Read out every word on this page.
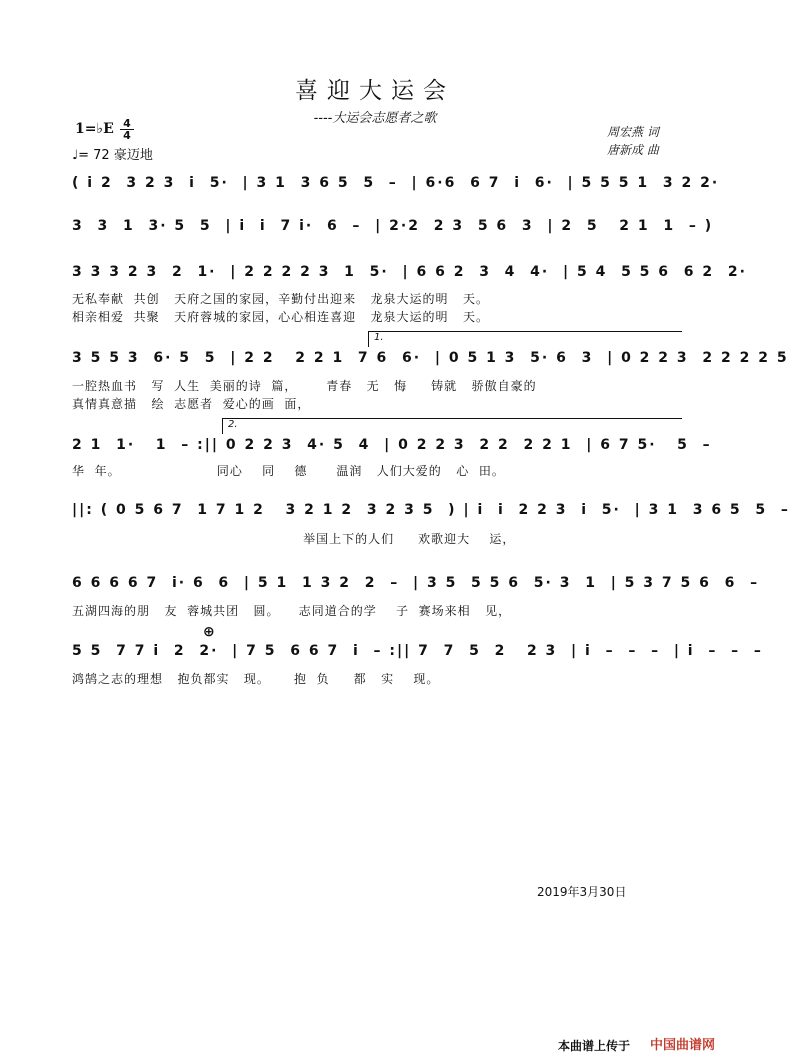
喜迎大运会
----大运会志愿者之歌
1=♭E 4
4
♩= 72 豪迈地
周宏燕 词
唐新成 曲
( i 2  3 2 3  i  5·  | 3 1  3 6 5  5  –  | 6·6  6 7  i  6·  | 5 5 5 1  3 2 2·
3  3  1  3· 5  5  | i  i  7 i·  6  –  | 2·2  2 3  5 6  3  | 2  5   2 1  1  – )
3 3 3 2 3  2  1·  | 2 2 2 2 3  1  5·  | 6 6 2  3  4  4·  | 5 4  5 5 6  6 2  2·
无私奉献  共创   天府之国的家园，辛勤付出迎来   龙泉大运的明   天。
相亲相爱  共聚   天府蓉城的家园，心心相连喜迎   龙泉大运的明   天。
1.
3 5 5 3  6· 5  5  | 2 2   2 2 1  7 6  6·  | 0 5 1 3  5· 6  3  | 0 2 2 3  2 2 2 2 5
一腔热血书   写  人生  美丽的诗  篇，      青春   无   悔     铸就   骄傲自豪的
真情真意描   绘  志愿者  爱心的画  面，
2.
2 1  1·   1  – :|| 0 2 2 3  4· 5  4  | 0 2 2 3  2 2  2 2 1  | 6 7 5·   5  –
华  年。                    同心    同    德      温润   人们大爱的   心  田。
||: ( 0 5 6 7  1 7 1 2   3 2 1 2  3 2 3 5  ) | i  i  2 2 3  i  5·  | 3 1  3 6 5  5  –
举国上下的人们     欢歌迎大    运，
6 6 6 6 7  i· 6  6  | 5 1  1 3 2  2  –  | 3 5  5 5 6  5· 3  1  | 5 3 7 5 6  6  –
五湖四海的朋   友  蓉城共团   圆。    志同道合的学    子  赛场来相   见，
⊕
5 5  7 7 i  2  2·  | 7 5  6 6 7  i  – :|| 7  7  5  2   2 3  | i  –  –  –  | i  –  –  –
鸿鹄之志的理想   抱负都实   现。     抱  负     都   实    现。
2019年3月30日
本曲谱上传于 中国曲谱网
